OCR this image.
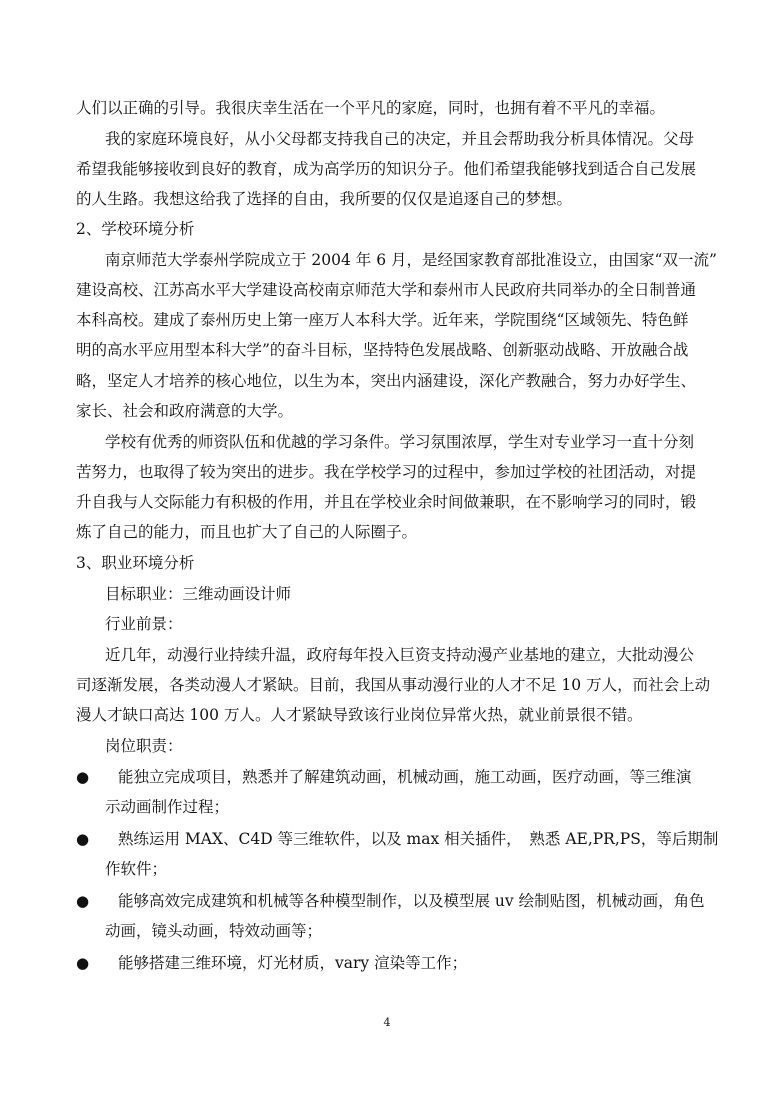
人们以正确的引导。我很庆幸生活在一个平凡的家庭，同时，也拥有着不平凡的幸福。
我的家庭环境良好，从小父母都支持我自己的决定，并且会帮助我分析具体情况。父母
希望我能够接收到良好的教育，成为高学历的知识分子。他们希望我能够找到适合自己发展
的人生路。我想这给我了选择的自由，我所要的仅仅是追逐自己的梦想。
2、学校环境分析
南京师范大学泰州学院成立于 2004 年 6 月，是经国家教育部批准设立，由国家“双一流”
建设高校、江苏高水平大学建设高校南京师范大学和泰州市人民政府共同举办的全日制普通
本科高校。建成了泰州历史上第一座万人本科大学。近年来，学院围绕“区域领先、特色鲜
明的高水平应用型本科大学”的奋斗目标，坚持特色发展战略、创新驱动战略、开放融合战
略，坚定人才培养的核心地位，以生为本，突出内涵建设，深化产教融合，努力办好学生、
家长、社会和政府满意的大学。
学校有优秀的师资队伍和优越的学习条件。学习氛围浓厚，学生对专业学习一直十分刻
苦努力，也取得了较为突出的进步。我在学校学习的过程中，参加过学校的社团活动，对提
升自我与人交际能力有积极的作用，并且在学校业余时间做兼职，在不影响学习的同时，锻
炼了自己的能力，而且也扩大了自己的人际圈子。
3、职业环境分析
目标职业：三维动画设计师
行业前景：
近几年，动漫行业持续升温，政府每年投入巨资支持动漫产业基地的建立，大批动漫公
司逐渐发展，各类动漫人才紧缺。目前，我国从事动漫行业的人才不足 10 万人，而社会上动
漫人才缺口高达 100 万人。人才紧缺导致该行业岗位异常火热，就业前景很不错。
岗位职责：
● 能独立完成项目，熟悉并了解建筑动画，机械动画，施工动画，医疗动画，等三维演
示动画制作过程；
● 熟练运用 MAX、C4D 等三维软件，以及 max 相关插件，　熟悉 AE,PR,PS，等后期制
作软件；
● 能够高效完成建筑和机械等各种模型制作，以及模型展 uv 绘制贴图，机械动画，角色
动画，镜头动画，特效动画等；
● 能够搭建三维环境，灯光材质，vary 渲染等工作；
4
